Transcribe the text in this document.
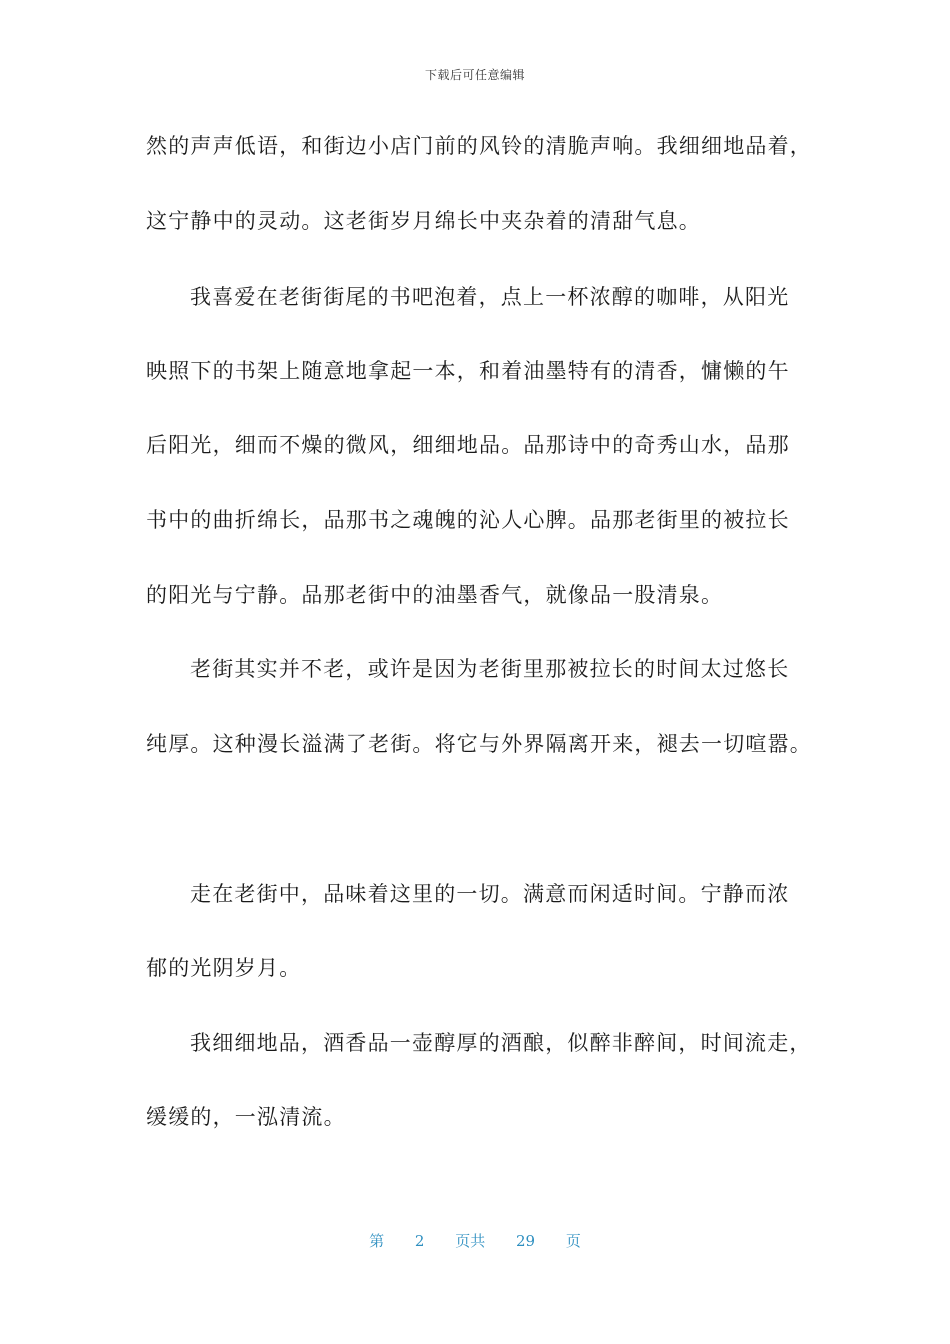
下载后可任意编辑
然的声声低语，和街边小店门前的风铃的清脆声响。我细细地品着，
这宁静中的灵动。这老街岁月绵长中夹杂着的清甜气息。
我喜爱在老街街尾的书吧泡着，点上一杯浓醇的咖啡，从阳光
映照下的书架上随意地拿起一本，和着油墨特有的清香，慵懒的午
后阳光，细而不燥的微风，细细地品。品那诗中的奇秀山水，品那
书中的曲折绵长，品那书之魂魄的沁人心脾。品那老街里的被拉长
的阳光与宁静。品那老街中的油墨香气，就像品一股清泉。
老街其实并不老，或许是因为老街里那被拉长的时间太过悠长
纯厚。这种漫长溢满了老街。将它与外界隔离开来，褪去一切喧嚣。
走在老街中，品味着这里的一切。满意而闲适时间。宁静而浓
郁的光阴岁月。
我细细地品，酒香品一壶醇厚的酒酿，似醉非醉间，时间流走，
缓缓的，一泓清流。
第 2 页共 29 页
